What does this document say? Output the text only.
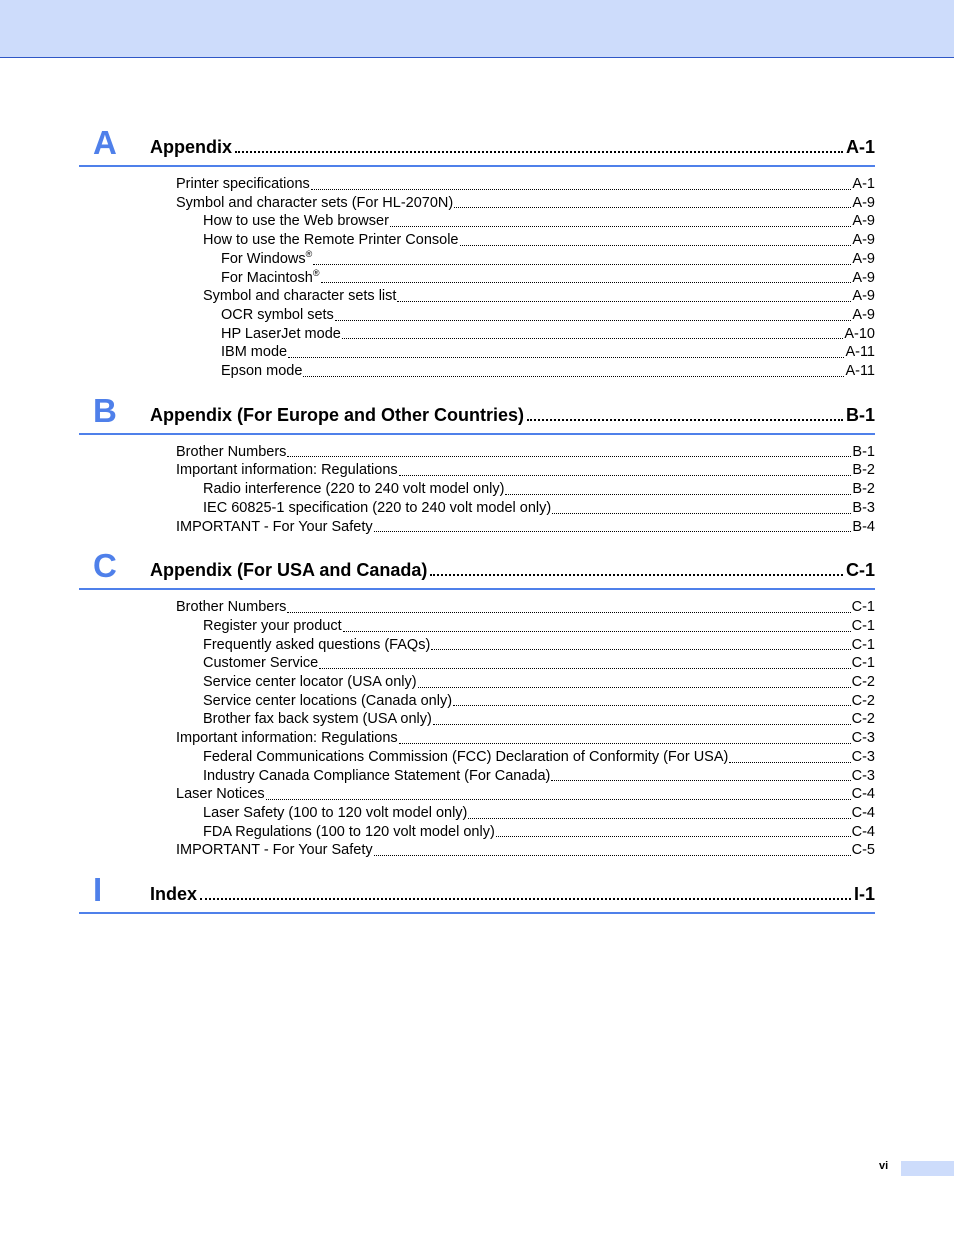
A Appendix	A-1
Printer specifications	A-1
Symbol and character sets (For HL-2070N)	A-9
How to use the Web browser	A-9
How to use the Remote Printer Console	A-9
For Windows®	A-9
For Macintosh®	A-9
Symbol and character sets list	A-9
OCR symbol sets	A-9
HP LaserJet mode	A-10
IBM mode	A-11
Epson mode	A-11
B Appendix (For Europe and Other Countries)	B-1
Brother Numbers	B-1
Important information: Regulations	B-2
Radio interference (220 to 240 volt model only)	B-2
IEC 60825-1 specification (220 to 240 volt model only)	B-3
IMPORTANT - For Your Safety	B-4
C Appendix (For USA and Canada)	C-1
Brother Numbers	C-1
Register your product	C-1
Frequently asked questions (FAQs)	C-1
Customer Service	C-1
Service center locator (USA only)	C-2
Service center locations (Canada only)	C-2
Brother fax back system (USA only)	C-2
Important information: Regulations	C-3
Federal Communications Commission (FCC) Declaration of Conformity (For USA)	C-3
Industry Canada Compliance Statement (For Canada)	C-3
Laser Notices	C-4
Laser Safety (100 to 120 volt model only)	C-4
FDA Regulations (100 to 120 volt model only)	C-4
IMPORTANT - For Your Safety	C-5
I	Index	I-1
vi
